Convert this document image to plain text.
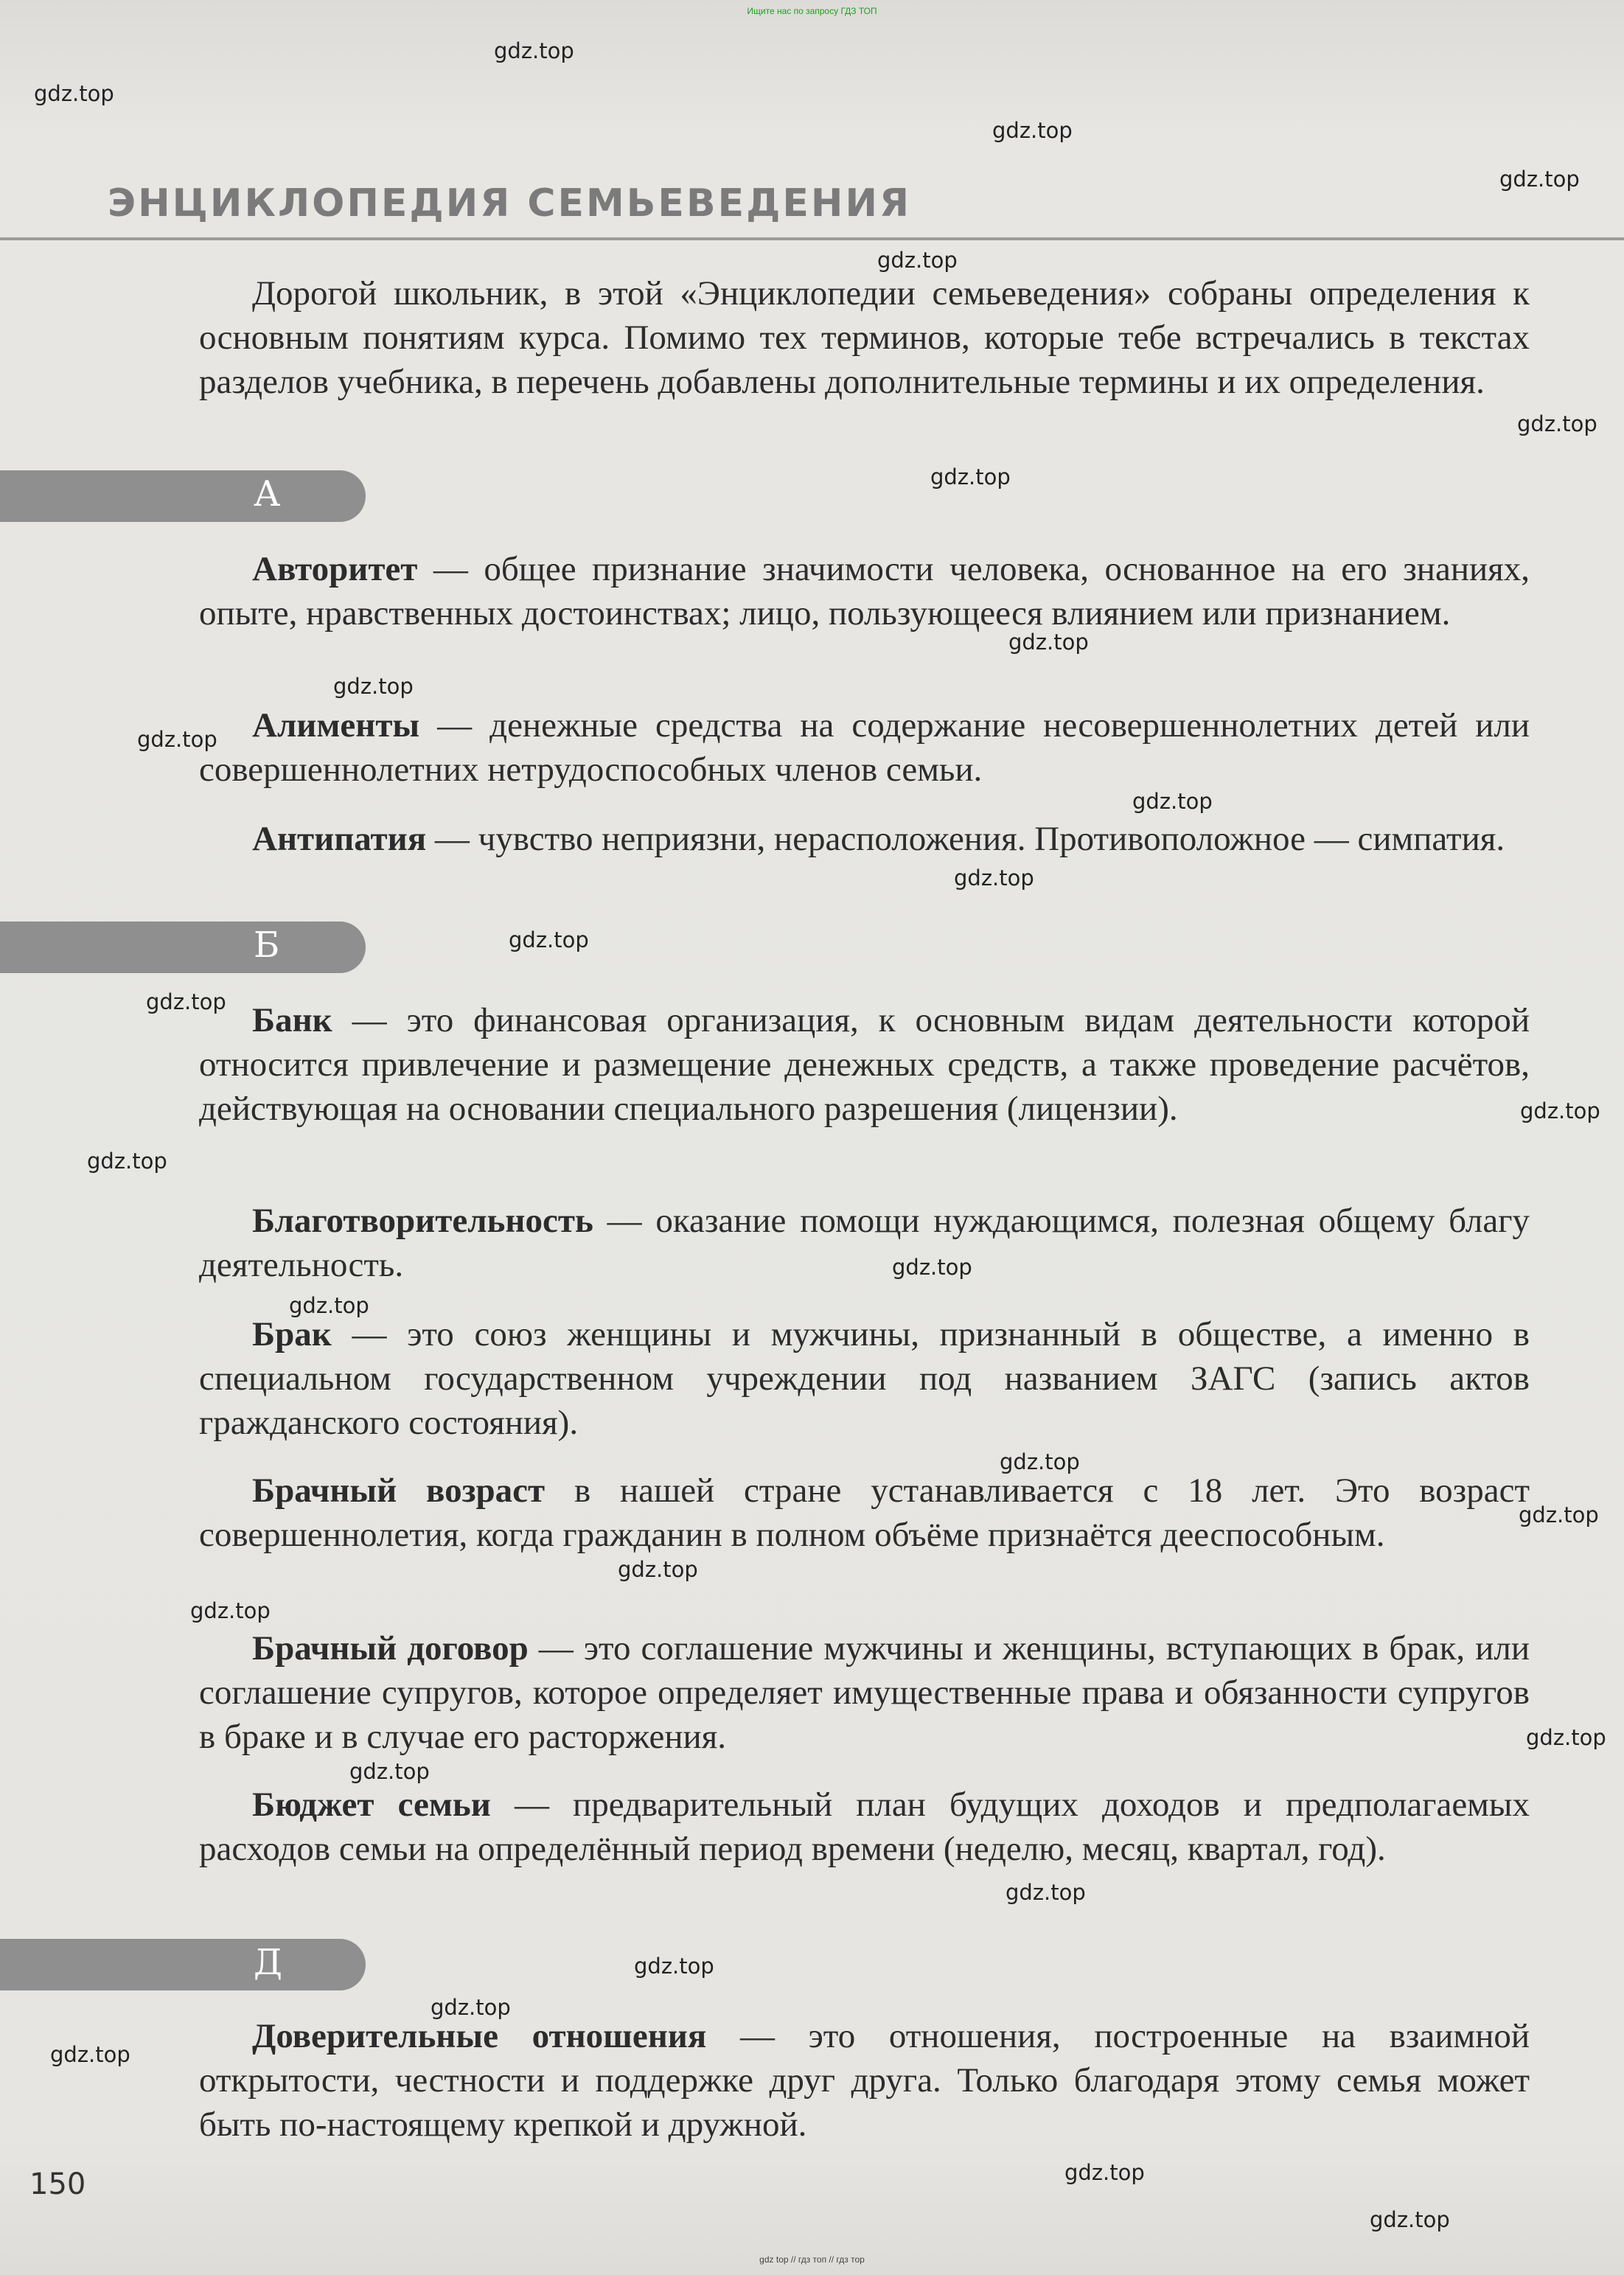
Ищите нас по запросу ГДЗ ТОП
ЭНЦИКЛОПЕДИЯ СЕМЬЕВЕДЕНИЯ

Дорогой школьник, в этой «Энциклопедии семьеведения» собраны определения к основным понятиям курса. Помимо тех терминов, которые тебе встречались в текстах разделов учебника, в перечень добавлены дополнительные термины и их определения.

А

Авторитет — общее признание значимости человека, основанное на его знаниях, опыте, нравственных достоинствах; лицо, пользующееся влиянием или признанием.

Алименты — денежные средства на содержание несовершеннолетних детей или совершеннолетних нетрудоспособных членов семьи.

Антипатия — чувство неприязни, нерасположения. Противоположное — симпатия.

Б

Банк — это финансовая организация, к основным видам деятельности которой относится привлечение и размещение денежных средств, а также проведение расчётов, действующая на основании специального разрешения (лицензии).

Благотворительность — оказание помощи нуждающимся, полезная общему благу деятельность.

Брак — это союз женщины и мужчины, признанный в обществе, а именно в специальном государственном учреждении под названием ЗАГС (запись актов гражданского состояния).

Брачный возраст в нашей стране устанавливается с 18 лет. Это возраст совершеннолетия, когда гражданин в полном объёме признаётся дееспособным.

Брачный договор — это соглашение мужчины и женщины, вступающих в брак, или соглашение супругов, которое определяет имущественные права и обязанности супругов в браке и в случае его расторжения.

Бюджет семьи — предварительный план будущих доходов и предполагаемых расходов семьи на определённый период времени (неделю, месяц, квартал, год).

Д

Доверительные отношения — это отношения, построенные на взаимной открытости, честности и поддержке друг друга. Только благодаря этому семья может быть по-настоящему крепкой и дружной.

150
gdz.top
gdz.top
gdz.top
gdz.top
gdz.top
gdz.top
gdz.top
gdz.top
gdz.top
gdz.top
gdz.top
gdz.top
gdz.top
gdz.top
gdz.top
gdz.top
gdz.top
gdz.top
gdz.top
gdz.top
gdz.top
gdz.top
gdz.top
gdz.top
gdz.top
gdz.top
gdz.top
gdz.top
gdz.top
gdz.top
gdz top // гдз топ // гдз тор
